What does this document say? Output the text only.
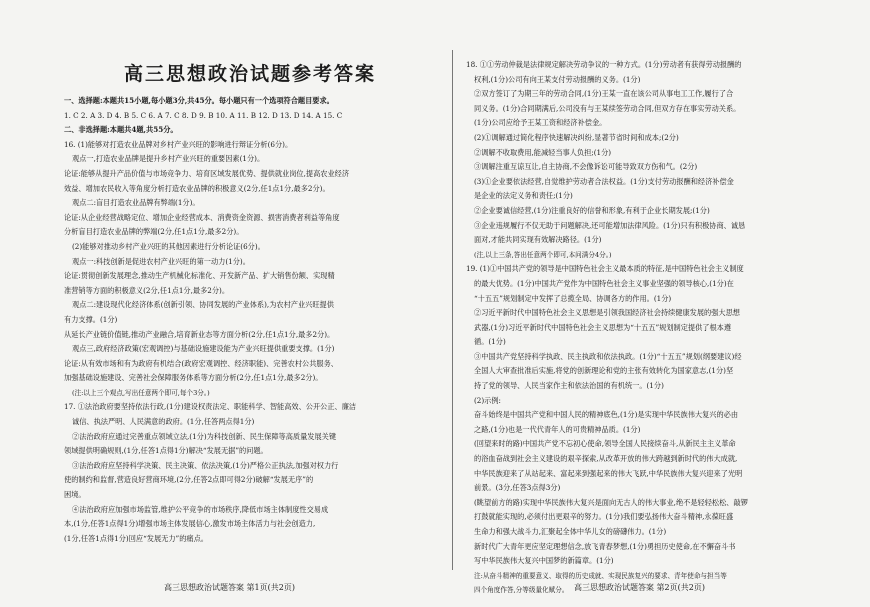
高三思想政治试题参考答案
一、选择题:本题共15小题,每小题3分,共45分。每小题只有一个选项符合题目要求。
1. C 2. A 3. D 4. B 5. C 6. A 7. C 8. D 9. B 10. A 11. B 12. D 13. D 14. A 15. C
二、非选择题:本题共4题,共55分。
16. (1)能够对打造农业品牌对乡村产业兴旺的影响进行辩证分析(6分)。
观点一,打造农业品牌是提升乡村产业兴旺的重要因素(1分)。
论证:能够从提升产品价值与市场竞争力、培育区域发展优势、提供就业岗位,提高农业经济
效益、增加农民收入等角度分析打造农业品牌的积极意义(2分,任1点1分,最多2分)。
观点二:盲目打造农业品牌有弊端(1分)。
论证:从企业经营战略定位、增加企业经营成本、消费资金资源、损害消费者利益等角度
分析盲目打造农业品牌的弊端(2分,任1点1分,最多2分)。
(2)能够对推动乡村产业兴旺的其他因素进行分析论证(6分)。
观点一:科技创新是促进农村产业兴旺的第一动力(1分)。
论证:贯彻创新发展理念,推动生产机械化标准化、开发新产品、扩大销售份额、实现精
准营销等方面的积极意义(2分,任1点1分,最多2分)。
观点二:建设现代化经济体系(创新引领、协同发展的产业体系),为农村产业兴旺提供
有力支撑。(1分)
从延长产业链价值链,推动产业融合,培育新业态等方面分析(2分,任1点1分,最多2分)。
观点三,政府经济政策(宏观调控)与基础设施建设能为产业兴旺提供重要支撑。(1分)
论证:从有效市场和有为政府有机结合(政府宏观调控、经济职能)、完善农村公共服务、
加强基础设施建设、完善社会保障服务体系等方面分析(2分,任1点1分,最多2分)。
(注:以上三个观点,写出任意两个即可,每个3分。)
17. ①法治政府要坚持依法行政,(1分)建设权责法定、职能科学、智能高效、公开公正、廉洁
诚信、执法严明、人民满意的政府。(1分,任答两点得1分)
②法治政府应通过完善重点领域立法,(1分)为科技创新、民生保障等高质量发展关键
领域提供明确规则,(1分,任答1点得1分)解决“发展无据”的问题。
③法治政府应坚持科学决策、民主决策、依法决策,(1分)严格公正执法,加强对权力行
使的制约和监督,营造良好营商环境,(2分,任答2点即可得2分)破解“发展无序”的
困境。
④法治政府应加强市场监管,维护公平竞争的市场秩序,降低市场主体制度性交易成
本,(1分,任答1点得1分)增强市场主体发展信心,激发市场主体活力与社会创造力,
(1分,任答1点得1分)回应“发展无力”的痛点。
18. ①①劳动仲裁是法律规定解决劳动争议的一种方式。(1分)劳动者有获得劳动报酬的
权利,(1分)公司有向王某支付劳动报酬的义务。(1分)
②双方签订了为期三年的劳动合同,(1分)王某一直在该公司从事电工工作,履行了合
同义务。(1分)合同期满后,公司没有与王某续签劳动合同,但双方存在事实劳动关系。
(1分)公司应给予王某工资和经济补偿金。
(2)①调解通过简化程序快速解决纠纷,显著节省时间和成本;(2分)
②调解不收取费用,能减轻当事人负担;(1分)
③调解注重互谅互让,自主协商,不会像诉讼可能导致双方伤和气。(2分)
(3)①企业要依法经营,自觉维护劳动者合法权益。(1分)支付劳动报酬和经济补偿金
是企业的法定义务和责任;(1分)
②企业要诚信经营,(1分)注重良好的信誉和形象,有利于企业长期发展;(1分)
③企业违规履行不仅无助于问题解决,还可能增加法律风险。(1分)只有积极协商、诚恳
面对,才能共同实现有效解决路径。(1分)
(注,以上三条,答出任意两个即可,本问满分4分。)
19. (1)①中国共产党的领导是中国特色社会主义最本质的特征,是中国特色社会主义制度
的最大优势。(1分)中国共产党作为中国特色社会主义事业坚强的领导核心,(1分)在
“十五五”规划制定中发挥了总揽全局、协调各方的作用。(1分)
②习近平新时代中国特色社会主义思想是引领我国经济社会持续健康发展的强大思想
武器,(1分)习近平新时代中国特色社会主义思想为“十五五”规划制定提供了根本遵
循。(1分)
③中国共产党坚持科学执政、民主执政和依法执政。(1分)“十五五”规划(纲要建议)经
全国人大审查批准后实施,将党的创新理论和党的主张有效转化为国家意志,(1分)坚
持了党的领导、人民当家作主和依法治国的有机统一。(1分)
(2)示例:
奋斗始终是中国共产党和中国人民的精神底色,(1分)是实现中华民族伟大复兴的必由
之路,(1分)也是一代代青年人的可贵精神品质。(1分)
(回望来时的路)中国共产党不忘初心使命,领导全国人民接续奋斗,从新民主主义革命
的浴血奋战到社会主义建设的艰辛探索,从改革开放的伟大跨越到新时代的伟大成就,
中华民族迎来了从站起来、富起来到强起来的伟大飞跃,中华民族伟大复兴迎来了光明
前景。(3分,任答3点得3分)
(眺望前方的路)实现中华民族伟大复兴是面向无古人的伟大事业,绝不是轻轻松松、敲锣
打鼓就能实现的,必须付出更艰辛的努力。(1分)我们要弘扬伟大奋斗精神,永葆旺盛
生命力和强大战斗力,汇聚起全体中华儿女的磅礴伟力。(1分)
新时代广大青年更应坚定理想信念,放飞青春梦想,(1分)勇担历史使命,在不懈奋斗书
写中华民族伟大复兴中国梦的新篇章。(1分)
注:从奋斗精神的重要意义、取得的历史成就、实现民族复兴的要求、青年使命与担当等
四个角度作答,分等级量化赋分。
高三思想政治试题答案 第1页(共2页)	高三思想政治试题答案 第2页(共2页)
